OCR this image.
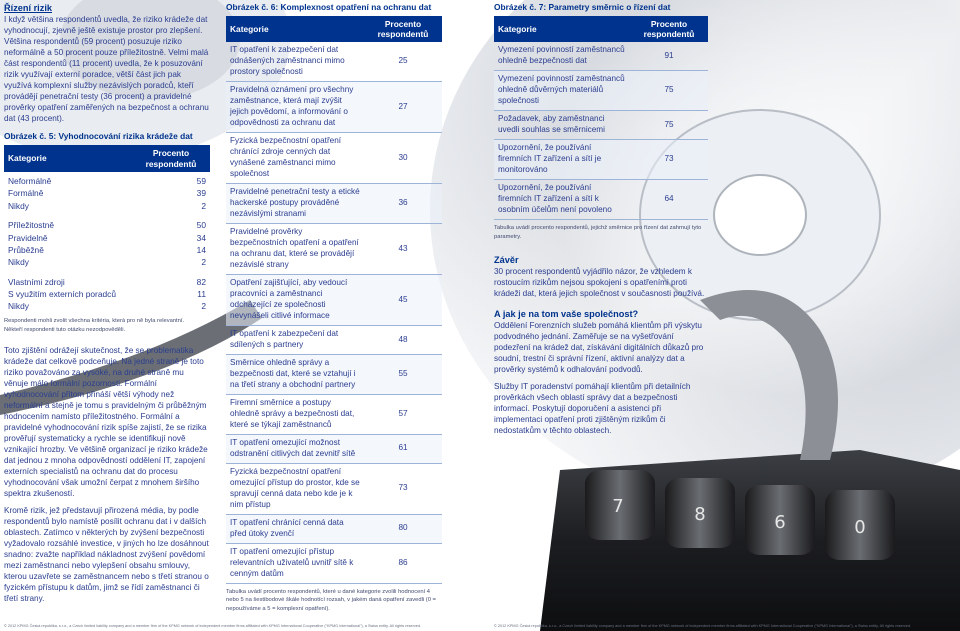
7	8	6	0
Řízení rizik
I když většina respondentů uvedla, že riziko krádeže dat vyhodnocují, zjevně ještě existuje prostor pro zlepšení. Většina respondentů (59 procent) posuzuje riziko neformálně a 50 procent pouze příležitostně. Velmi malá část respondentů (11 procent) uvedla, že k posuzování rizik využívají externí poradce, větší část jich pak využívá komplexní služby nezávislých poradců, kteří provádějí penetrační testy (36 procent) a pravidelné prověrky opatření zaměřených na bezpečnost a ochranu dat (43 procent).
Obrázek č. 5: Vyhodnocování rizika krádeže dat
Kategorie	Procento respondentů
Neformálně	59
Formálně	39
Nikdy	2
Příležitostně	50
Pravidelně	34
Průběžně	14
Nikdy	2
Vlastními zdroji	82
S využitím externích poradců	11
Nikdy	2
Respondenti mohli zvolit všechna kritéria, která pro ně byla relevantní.
Někteří respondenti tuto otázku nezodpověděli.
Toto zjištění odrážejí skutečnost, že se problematika krádeže dat celkově podceňuje. Na jedné straně je toto riziko považováno za vysoké, na druhé straně mu věnuje málo formální pozornosti. Formální vyhodnocování přitom přináší větší výhody než neformální a stejně je tomu s pravidelným či průběžným hodnocením namísto příležitostného. Formální a pravidelné vyhodnocování rizik spíše zajistí, že se rizika prověřují systematicky a rychle se identifikují nově vznikající hrozby. Ve většině organizací je riziko krádeže dat jednou z mnoha odpovědností oddělení IT, zapojení externích specialistů na ochranu dat do procesu vyhodnocování však umožní čerpat z mnohem širšího spektra zkušeností.
Kromě rizik, jež představují přirozená média, by podle respondentů bylo namístě posílit ochranu dat i v dalších oblastech. Zatímco v některých by zvýšení bezpečnosti vyžadovalo rozsáhlé investice, v jiných ho lze dosáhnout snadno: zvažte například nákladnost zvýšení povědomí mezi zaměstnanci nebo vylepšení obsahu smlouvy, kterou uzavřete se zaměstnancem nebo s třetí stranou o fyzickém přístupu k datům, jimž se řídí zaměstnanci či třetí strany.
Obrázek č. 6: Komplexnost opatření na ochranu dat
Kategorie	Procento respondentů
IT opatření k zabezpečení dat odnášených zaměstnanci mimo prostory společnosti	25
Pravidelná oznámení pro všechny zaměstnance, která mají zvýšit jejich povědomí, a informování o odpovědnosti za ochranu dat	27
Fyzická bezpečnostní opatření chránící zdroje cenných dat vynášené zaměstnanci mimo společnost	30
Pravidelné penetrační testy a etické hackerské postupy prováděné nezávislými stranami	36
Pravidelné prověrky bezpečnostních opatření a opatření na ochranu dat, které se provádějí nezávislé strany	43
Opatření zajišťující, aby vedoucí pracovníci a zaměstnanci odcházející ze společnosti nevynášeli citlivé informace	45
IT opatření k zabezpečení dat sdílených s partnery	48
Směrnice ohledně správy a bezpečnosti dat, které se vztahují i na třetí strany a obchodní partnery	55
Firemní směrnice a postupy ohledně správy a bezpečnosti dat, které se týkají zaměstnanců	57
IT opatření omezující možnost odstranění citlivých dat zevnitř sítě	61
Fyzická bezpečnostní opatření omezující přístup do prostor, kde se spravují cenná data nebo kde je k nim přístup	73
IT opatření chránící cenná data před útoky zvenčí	80
IT opatření omezující přístup relevantních uživatelů uvnitř sítě k cenným datům	86
Tabulka uvádí procento respondentů, které u dané kategorie zvolili hodnocení 4 nebo 5 na šestibodové škále hodnotící rozsah, v jakém daná opatření zavedli (0 = nepoužíváme a 5 = komplexní opatření).
Obrázek č. 7: Parametry směrnic o řízení dat
Kategorie	Procento respondentů
Vymezení povinností zaměstnanců ohledně bezpečnosti dat	91
Vymezení povinností zaměstnanců ohledně důvěrných materiálů společnosti	75
Požadavek, aby zaměstnanci uvedli souhlas se směrnicemi	75
Upozornění, že používání firemních IT zařízení a sítí je monitorováno	73
Upozornění, že používání firemních IT zařízení a sítí k osobním účelům není povoleno	64
Tabulka uvádí procento respondentů, jejichž směrnice pro řízení dat zahrnují tyto parametry.
Závěr
30 procent respondentů vyjádřilo názor, že vzhledem k rostoucím rizikům nejsou spokojeni s opatřeními proti krádeži dat, která jejich společnost v současnosti používá.
A jak je na tom vaše společnost?
Oddělení Forenzních služeb pomáhá klientům při výskytu podvodného jednání. Zaměřuje se na vyšetřování podezření na krádež dat, získávání digitálních důkazů pro soudní, trestní či správní řízení, aktivní analýzy dat a prověrky systémů k odhalování podvodů.
Služby IT poradenství pomáhají klientům při detailních prověrkách všech oblastí správy dat a bezpečnosti informací. Poskytují doporučení a asistenci při implementaci opatření proti zjištěným rizikům či nedostatkům v těchto oblastech.
© 2012 KPMG Česká republika, s.r.o., a Czech limited liability company and a member firm of the KPMG network of independent member firms affiliated with KPMG International Cooperative ("KPMG International"), a Swiss entity. All rights reserved.	© 2012 KPMG Česká republika, s.r.o., a Czech limited liability company and a member firm of the KPMG network of independent member firms affiliated with KPMG International Cooperative ("KPMG International"), a Swiss entity. All rights reserved.
